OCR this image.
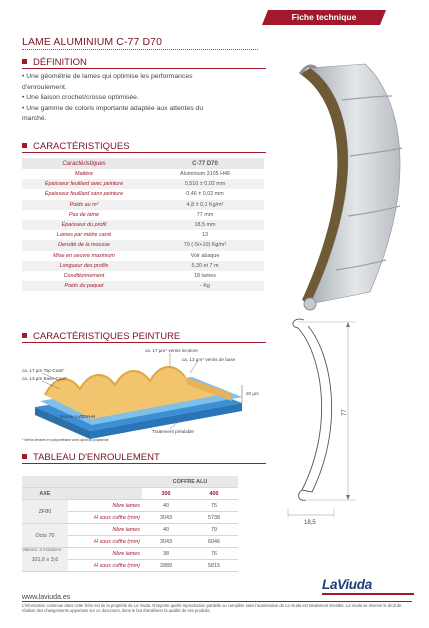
Fiche technique
LAME ALUMINIUM C-77 D70
DÉFINITION

• Une géométrie de lames qui optimise les performances

d'enroulement.

• Une liaison crochet/crosse optimisée.

• Une gamme de coloris importante adaptée aux attentes du

marché.

CARACTÉRISTIQUES
Caractéristiques	C-77 D70
Matière	Aluminium 3105 H46
Épaisseur feuillard avec peinture	0,510 ± 0,02 mm
Épaisseur feuillard sans peinture	0,46 ± 0,02 mm
Poids au m²	4,8 ± 0,1 Kg/m²
Pas de lame	77 mm
Épaisseur du profil	18,5 mm
Lames par mètre carré	13
Densité de la mousse	70 (-5/+10) Kg/m³
Mise en oeuvre maximum	Voir abaque
Longueur des profils	5,30 et 7 m
Conditionnement	18 lames
Poids du paquet	- Kg
CARACTÉRISTIQUES PEINTURE
ca. 17 µm* vernis incolore
ca. 13 µm* vernis de base
ca. 17 µm Top-Coat*
ca. 13 µm Base-Coat*
20 µm
Bande support Al
Traitement préalable
* Vernis tendres en polyurethane avec ajout du polyamide
TABLEAU D'ENROULEMENT
		COFFRE ALU	
AXE		300	400
ZF80	Nbre lames	40	75
	H sous coffre (mm)	3043	5738
Octo 70	Nbre lames	40	79
	H sous coffre (mm)	3043	6046
101,6 x 3,6	Nbre lames	38	76
	H sous coffre (mm)	2889	5815
Valeurs: 3 estations
77
18,5
LaViuda
www.laviuda.es
L'information contenue dans cette fiche est de la propriété de La Viuda. N'importe quelle reproduction partielle ou complète sans l'autorisation de La Viuda est totalement interdite. La Viuda se réserve le droit de réaliser des changements opportuns sur ce document, dans le but d'améliorer la qualité de ses produits.
